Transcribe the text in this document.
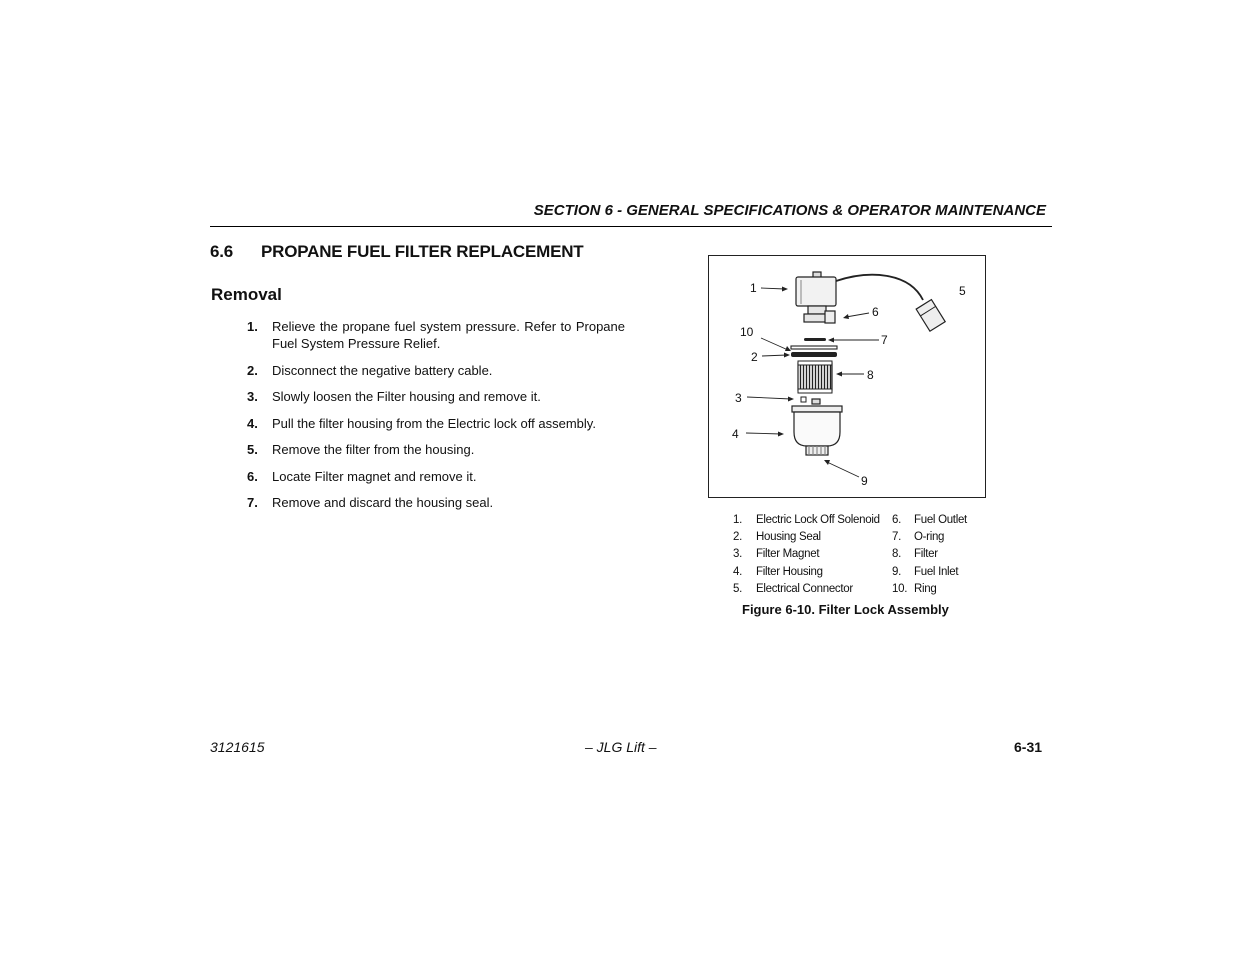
SECTION 6 - GENERAL SPECIFICATIONS & OPERATOR MAINTENANCE
6.6 PROPANE FUEL FILTER REPLACEMENT
Removal
1.	Relieve the propane fuel system pressure. Refer to Propane Fuel System Pressure Relief.
2.	Disconnect the negative battery cable.
3.	Slowly loosen the Filter housing and remove it.
4.	Pull the filter housing from the Electric lock off assembly.
5.	Remove the filter from the housing.
6.	Locate Filter magnet and remove it.
7.	Remove and discard the housing seal.
1
2
3
4
5
6
7
8
9
10
1.	Electric Lock Off Solenoid
2.	Housing Seal
3.	Filter Magnet
4.	Filter Housing
5.	Electrical Connector
6.	Fuel Outlet
7.	O-ring
8.	Filter
9.	Fuel Inlet
10. Ring
Figure 6-10. Filter Lock Assembly
3121615	– JLG Lift –	6-31
